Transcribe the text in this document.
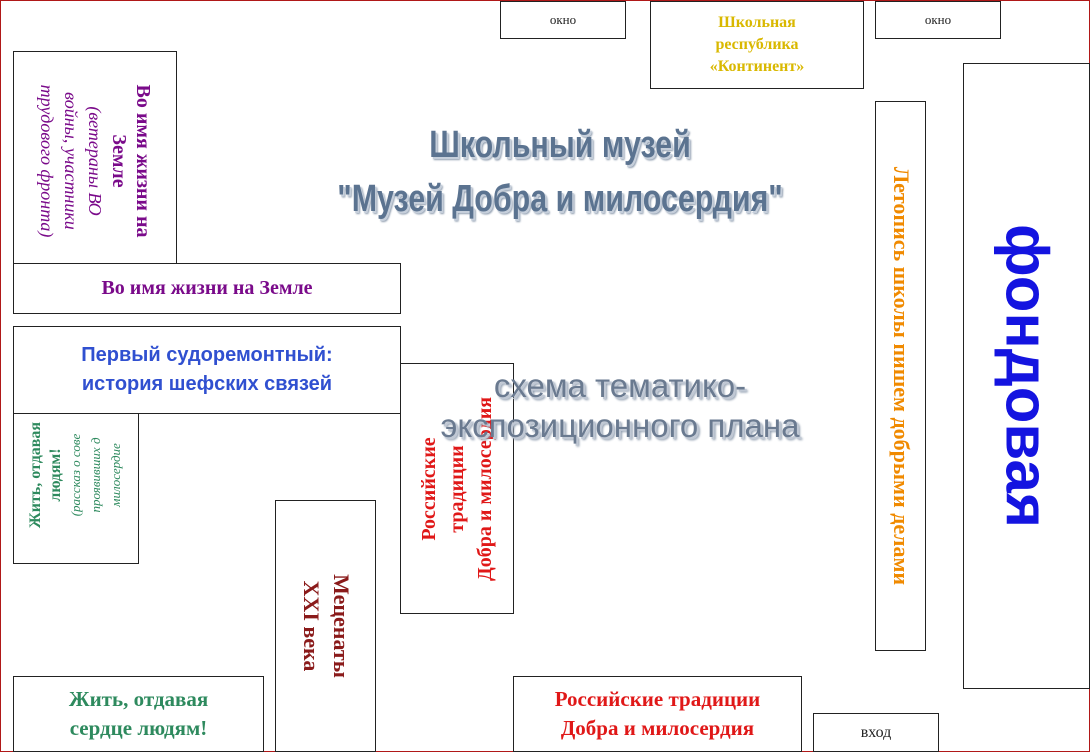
Школьный музей
"Музей Добра и милосердия"
окно	Школьная
республика
«Континент»
окно
Летопись школы пишем добрыми делами фондовая
Во имя жизни на
Земле
(ветераны ВО
войны, участники
трудового фронта)
Во имя жизни на Земле
Жить, отдавая людям! (рассказ о сове проявивших д милосердие	Российские традиции Добра и милосердия
Первый судоремонтный:
история шефских связей	схема тематико-
экспозиционного плана
Меценаты
XXI века
Жить, отдавая
сердце людям!
Российские традиции
Добра и милосердия	вход
